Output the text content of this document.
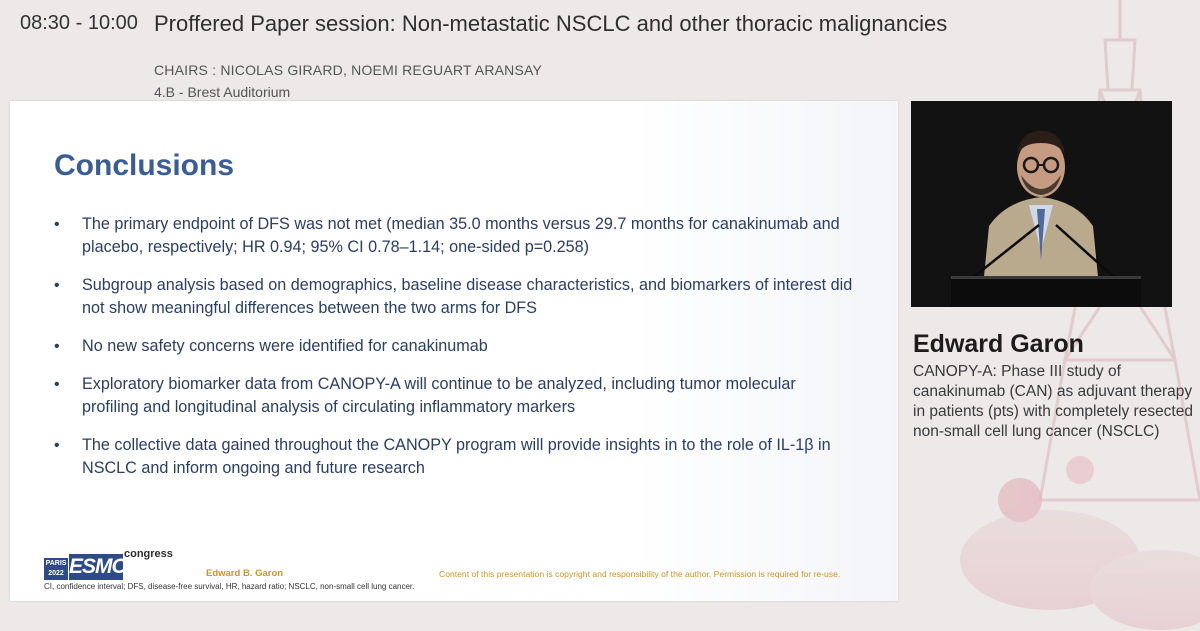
08:30 - 10:00 Proffered Paper session: Non-metastatic NSCLC and other thoracic malignancies
CHAIRS : NICOLAS GIRARD, NOEMI REGUART ARANSAY
4.B - Brest Auditorium
Conclusions
• The primary endpoint of DFS was not met (median 35.0 months versus 29.7 months for canakinumab and placebo, respectively; HR 0.94; 95% CI 0.78–1.14; one-sided p=0.258)
• Subgroup analysis based on demographics, baseline disease characteristics, and biomarkers of interest did not show meaningful differences between the two arms for DFS
• No new safety concerns were identified for canakinumab
• Exploratory biomarker data from CANOPY-A will continue to be analyzed, including tumor molecular profiling and longitudinal analysis of circulating inflammatory markers
• The collective data gained throughout the CANOPY program will provide insights in to the role of IL-1β in NSCLC and inform ongoing and future research
PARIS
2022 ESMO
congress
Edward B. Garon	Content of this presentation is copyright and responsibility of the author. Permission is required for re-use.
CI, confidence interval; DFS, disease-free survival, HR, hazard ratio; NSCLC, non-small cell lung cancer.
Edward Garon
CANOPY-A: Phase III study of canakinumab (CAN) as adjuvant therapy in patients (pts) with completely resected non-small cell lung cancer (NSCLC)
